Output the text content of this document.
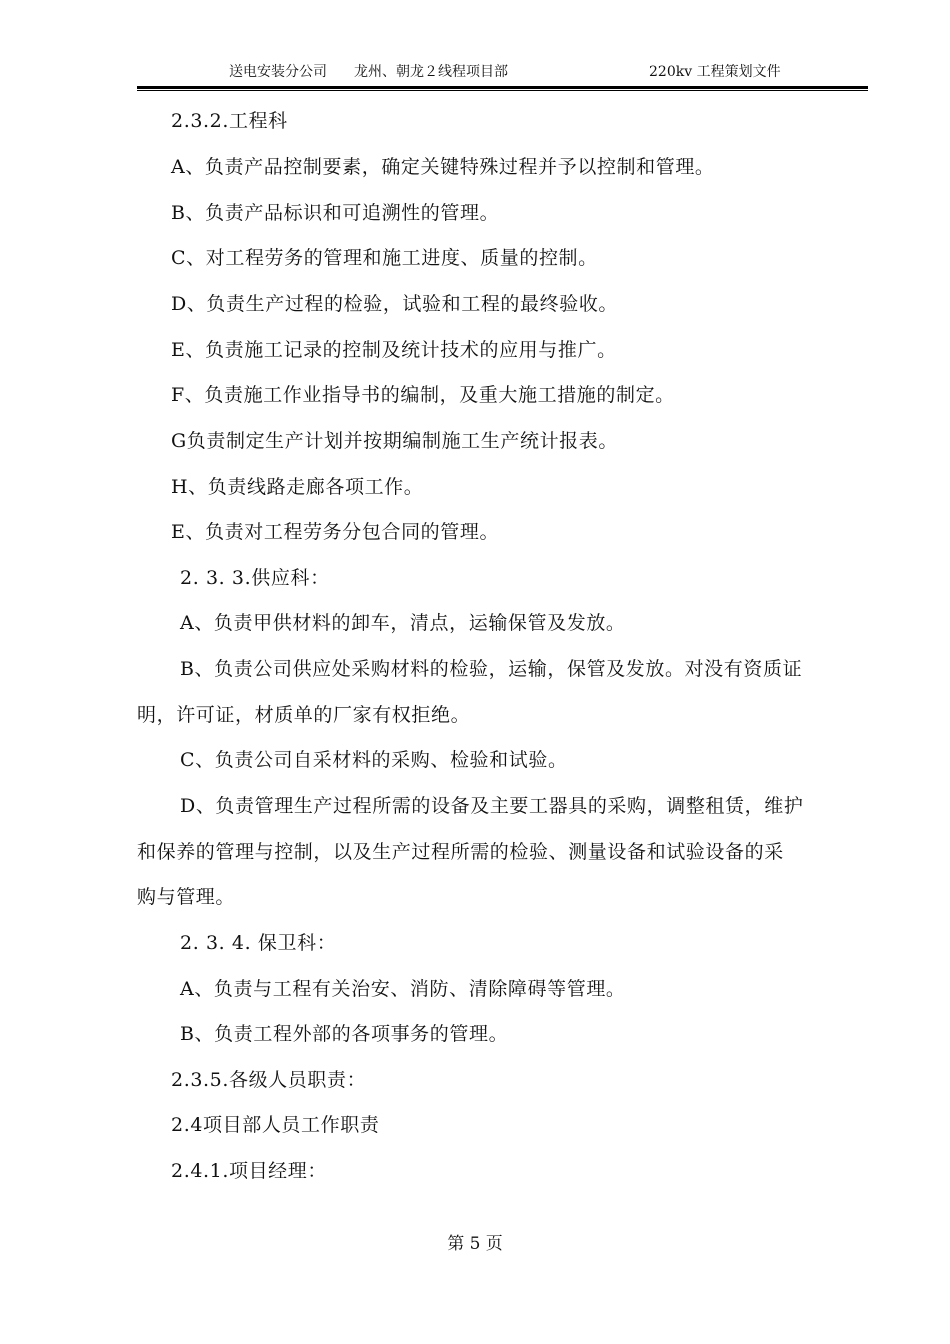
送电安装分公司 龙州、朝龙２线程项目部	220kv 工程策划文件
2.3.2.工程科
A、负责产品控制要素，确定关键特殊过程并予以控制和管理。
B、负责产品标识和可追溯性的管理。
C、对工程劳务的管理和施工进度、质量的控制。
D、负责生产过程的检验，试验和工程的最终验收。
E、负责施工记录的控制及统计技术的应用与推广。
F、负责施工作业指导书的编制，及重大施工措施的制定。
G负责制定生产计划并按期编制施工生产统计报表。
H、负责线路走廊各项工作。
E、负责对工程劳务分包合同的管理。
2. 3. 3.供应科：
A、负责甲供材料的卸车，清点，运输保管及发放。
B、负责公司供应处采购材料的检验，运输，保管及发放。对没有资质证
明，许可证，材质单的厂家有权拒绝。
C、负责公司自采材料的采购、检验和试验。
D、负责管理生产过程所需的设备及主要工器具的采购，调整租赁，维护
和保养的管理与控制，以及生产过程所需的检验、测量设备和试验设备的采
购与管理。
2. 3. 4. 保卫科：
A、负责与工程有关治安、消防、清除障碍等管理。
B、负责工程外部的各项事务的管理。
2.3.5.各级人员职责：
2.4项目部人员工作职责
2.4.1.项目经理：
第 5 页
